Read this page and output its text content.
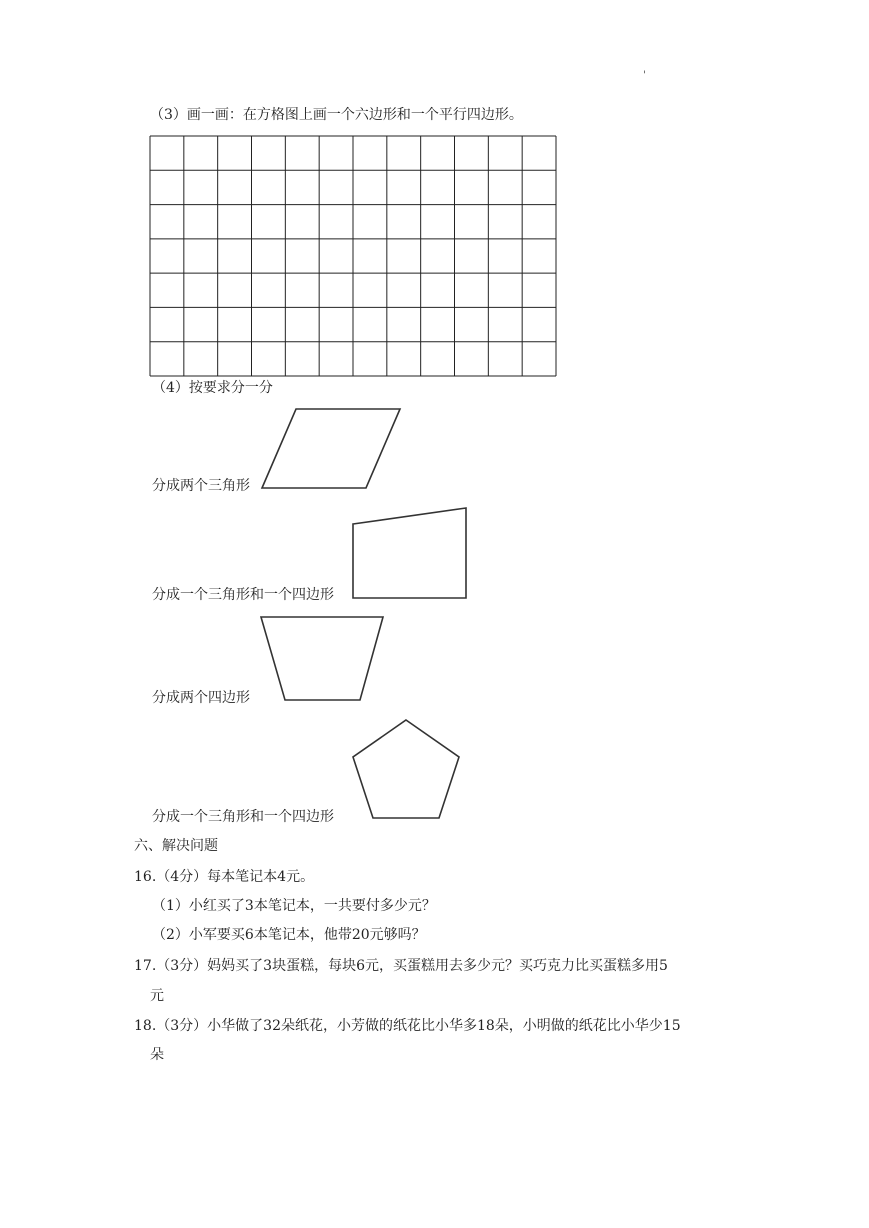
'
（3）画一画：在方格图上画一个六边形和一个平行四边形。
（4）按要求分一分
分成两个三角形
分成一个三角形和一个四边形
分成两个四边形
分成一个三角形和一个四边形
六、解决问题
16.（4分）每本笔记本4元。
（1）小红买了3本笔记本，一共要付多少元？
（2）小军要买6本笔记本，他带20元够吗？
17.（3分）妈妈买了3块蛋糕，每块6元，买蛋糕用去多少元？买巧克力比买蛋糕多用5
元
18.（3分）小华做了32朵纸花，小芳做的纸花比小华多18朵，小明做的纸花比小华少15
朵
